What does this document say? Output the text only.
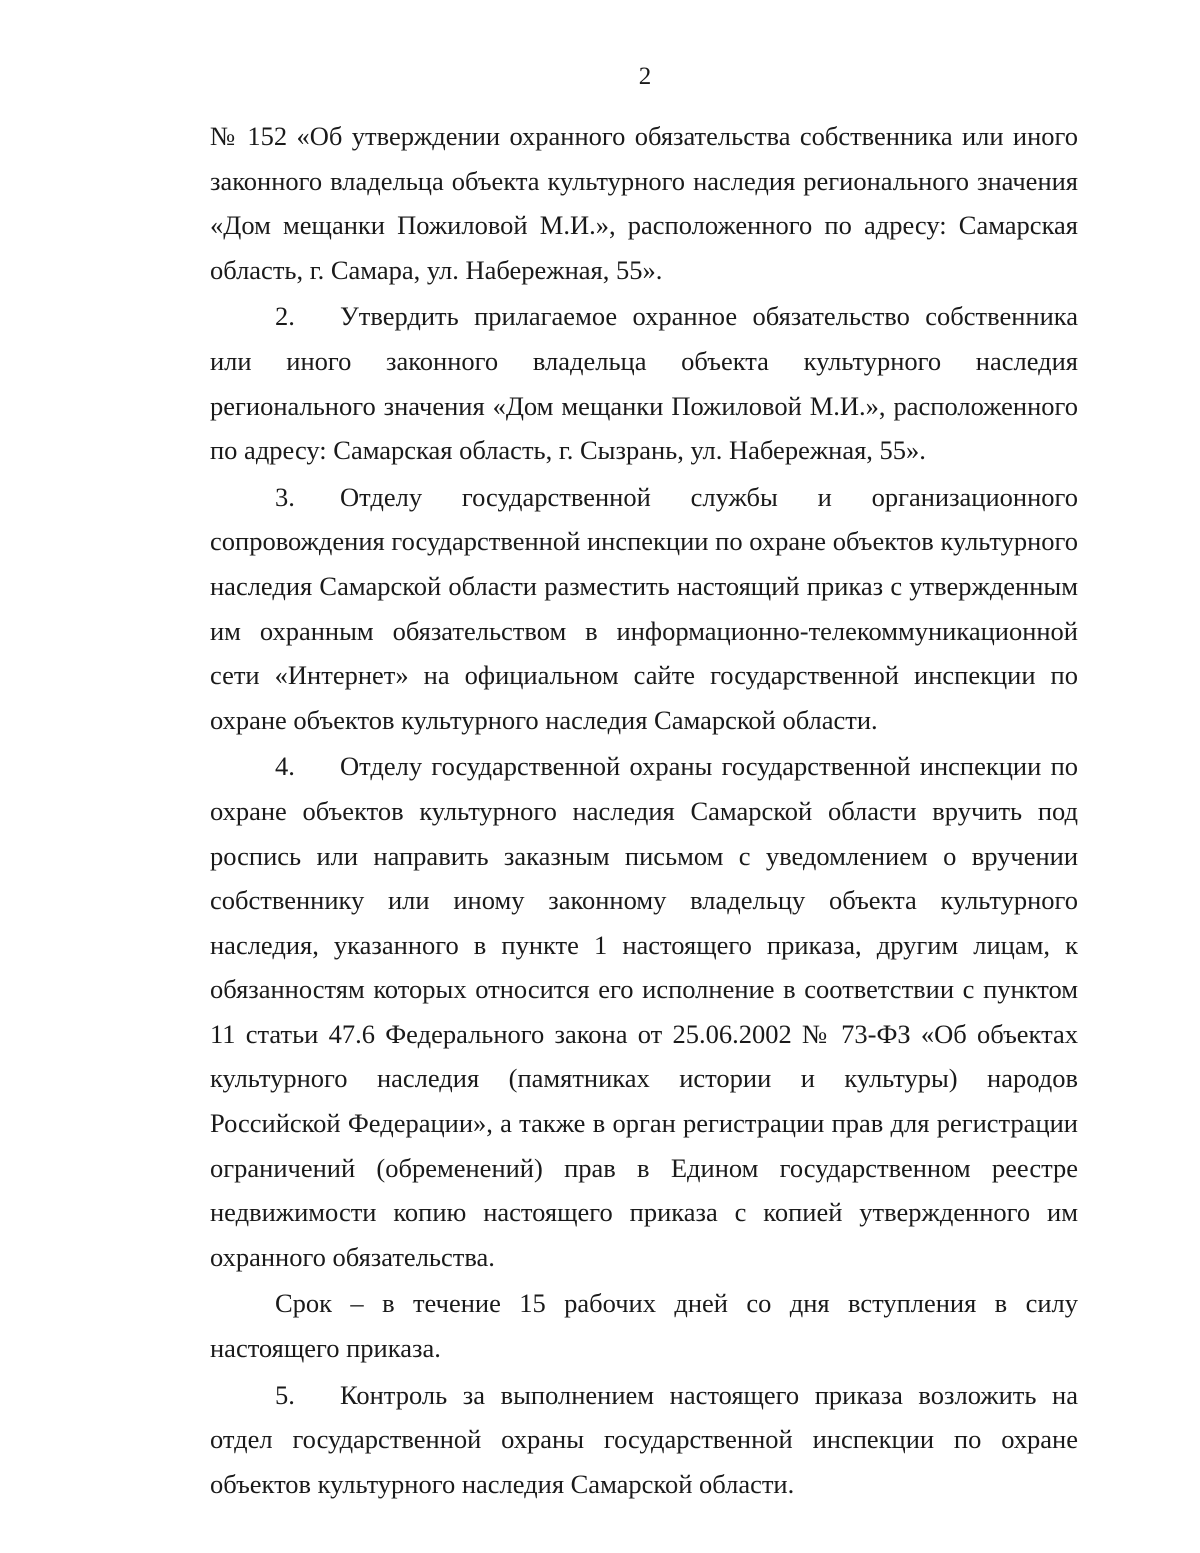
2

№ 152 «Об утверждении охранного обязательства собственника или иного законного владельца объекта культурного наследия регионального значения «Дом мещанки Пожиловой М.И.», расположенного по адресу: Самарская область, г. Самара, ул. Набережная, 55».

2. Утвердить прилагаемое охранное обязательство собственника или иного законного владельца объекта культурного наследия регионального значения «Дом мещанки Пожиловой М.И.», расположенного по адресу: Самарская область, г. Сызрань, ул. Набережная, 55».

3. Отделу государственной службы и организационного сопровождения государственной инспекции по охране объектов культурного наследия Самарской области разместить настоящий приказ с утвержденным им охранным обязательством в информационно-телекоммуникационной сети «Интернет» на официальном сайте государственной инспекции по охране объектов культурного наследия Самарской области.

4. Отделу государственной охраны государственной инспекции по охране объектов культурного наследия Самарской области вручить под роспись или направить заказным письмом с уведомлением о вручении собственнику или иному законному владельцу объекта культурного наследия, указанного в пункте 1 настоящего приказа, другим лицам, к обязанностям которых относится его исполнение в соответствии с пунктом 11 статьи 47.6 Федерального закона от 25.06.2002 № 73-ФЗ «Об объектах культурного наследия (памятниках истории и культуры) народов Российской Федерации», а также в орган регистрации прав для регистрации ограничений (обременений) прав в Едином государственном реестре недвижимости копию настоящего приказа с копией утвержденного им охранного обязательства.

Срок – в течение 15 рабочих дней со дня вступления в силу настоящего приказа.

5. Контроль за выполнением настоящего приказа возложить на отдел государственной охраны государственной инспекции по охране объектов культурного наследия Самарской области.
